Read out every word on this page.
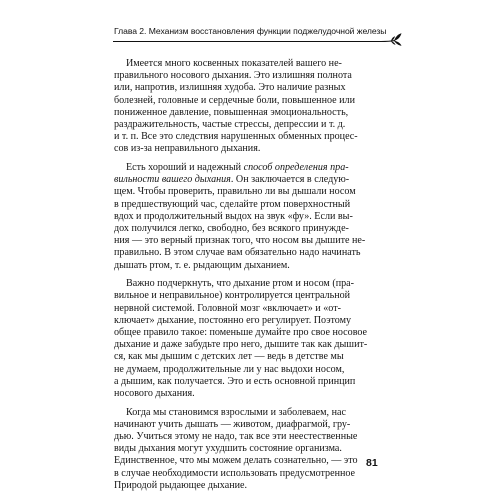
Глава 2. Механизм восстановления функции поджелудочной железы

Имеется много косвенных показателей вашего не-
правильного носового дыхания. Это излишняя полнота
или, напротив, излишняя худоба. Это наличие разных
болезней, головные и сердечные боли, повышенное или
пониженное давление, повышенная эмоциональность,
раздражительность, частые стрессы, депрессии и т. д.
и т. п. Все это следствия нарушенных обменных процес-
сов из-за неправильного дыхания.

Есть хороший и надежный способ определения пра-
вильности вашего дыхания. Он заключается в следую-
щем. Чтобы проверить, правильно ли вы дышали носом
в предшествующий час, сделайте ртом поверхностный
вдох и продолжительный выдох на звук «фу». Если вы-
дох получился легко, свободно, без всякого принужде-
ния — это верный признак того, что носом вы дышите не-
правильно. В этом случае вам обязательно надо начинать
дышать ртом, т. е. рыдающим дыханием.

Важно подчеркнуть, что дыхание ртом и носом (пра-
вильное и неправильное) контролируется центральной
нервной системой. Головной мозг «включает» и «от-
ключает» дыхание, постоянно его регулирует. Поэтому
общее правило такое: поменьше думайте про свое носовое
дыхание и даже забудьте про него, дышите так как дышит-
ся, как мы дышим с детских лет — ведь в детстве мы
не думаем, продолжительные ли у нас выдохи носом,
а дышим, как получается. Это и есть основной принцип
носового дыхания.

Когда мы становимся взрослыми и заболеваем, нас
начинают учить дышать — животом, диафрагмой, гру-
дью. Учиться этому не надо, так все эти неестественные
виды дыхания могут ухудшить состояние организма.
Единственное, что мы можем делать сознательно, — это
в случае необходимости использовать предусмотренное
Природой рыдающее дыхание.

81
